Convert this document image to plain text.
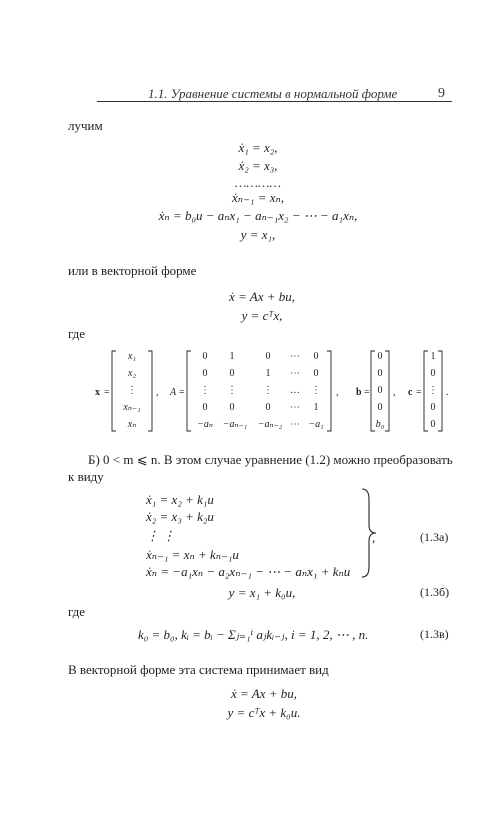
1.1. Уравнение системы в нормальной форме	9
лучим
ẋ₁ = x₂,
ẋ₂ = x₃,
…………
ẋₙ₋₁ = xₙ,
ẋₙ = b₀u − aₙx₁ − aₙ₋₁x₂ − ⋯ − a₁xₙ,
y = x₁,
или в векторной форме
ẋ = Ax + bu,
y = cᵀx,
где
x =
x₁
x₂
⋮
xₙ₋₁
xₙ
, A =
0 1	0 ⋯ 0
0 0	1 ⋯ 0
⋮ ⋮	⋮ … ⋮
0 0	0 ⋯ 1
−aₙ −aₙ₋₁ −aₙ₋₂ ⋯ −a₁
, b =
0
0
0
0
b₀
, c =
1
0
⋮
0
0
.
Б) 0 < m ⩽ n. В этом случае уравнение (1.2) можно преобразовать
к виду
ẋ₁ = x₂ + k₁u
ẋ₂ = x₃ + k₂u
⋮ ⋮
ẋₙ₋₁ = xₙ + kₙ₋₁u
ẋₙ = −a₁xₙ − a₂xₙ₋₁ − ⋯ − aₙx₁ + kₙu
,	(1.3а)
y = x₁ + k₀u,	(1.3б)
где
k₀ = b₀, kᵢ = bᵢ − Σⱼ₌₁ⁱ aⱼkᵢ₋ⱼ, i = 1, 2, ⋯ , n.	(1.3в)
В векторной форме эта система принимает вид
ẋ = Ax + bu,
y = cᵀx + k₀u.
